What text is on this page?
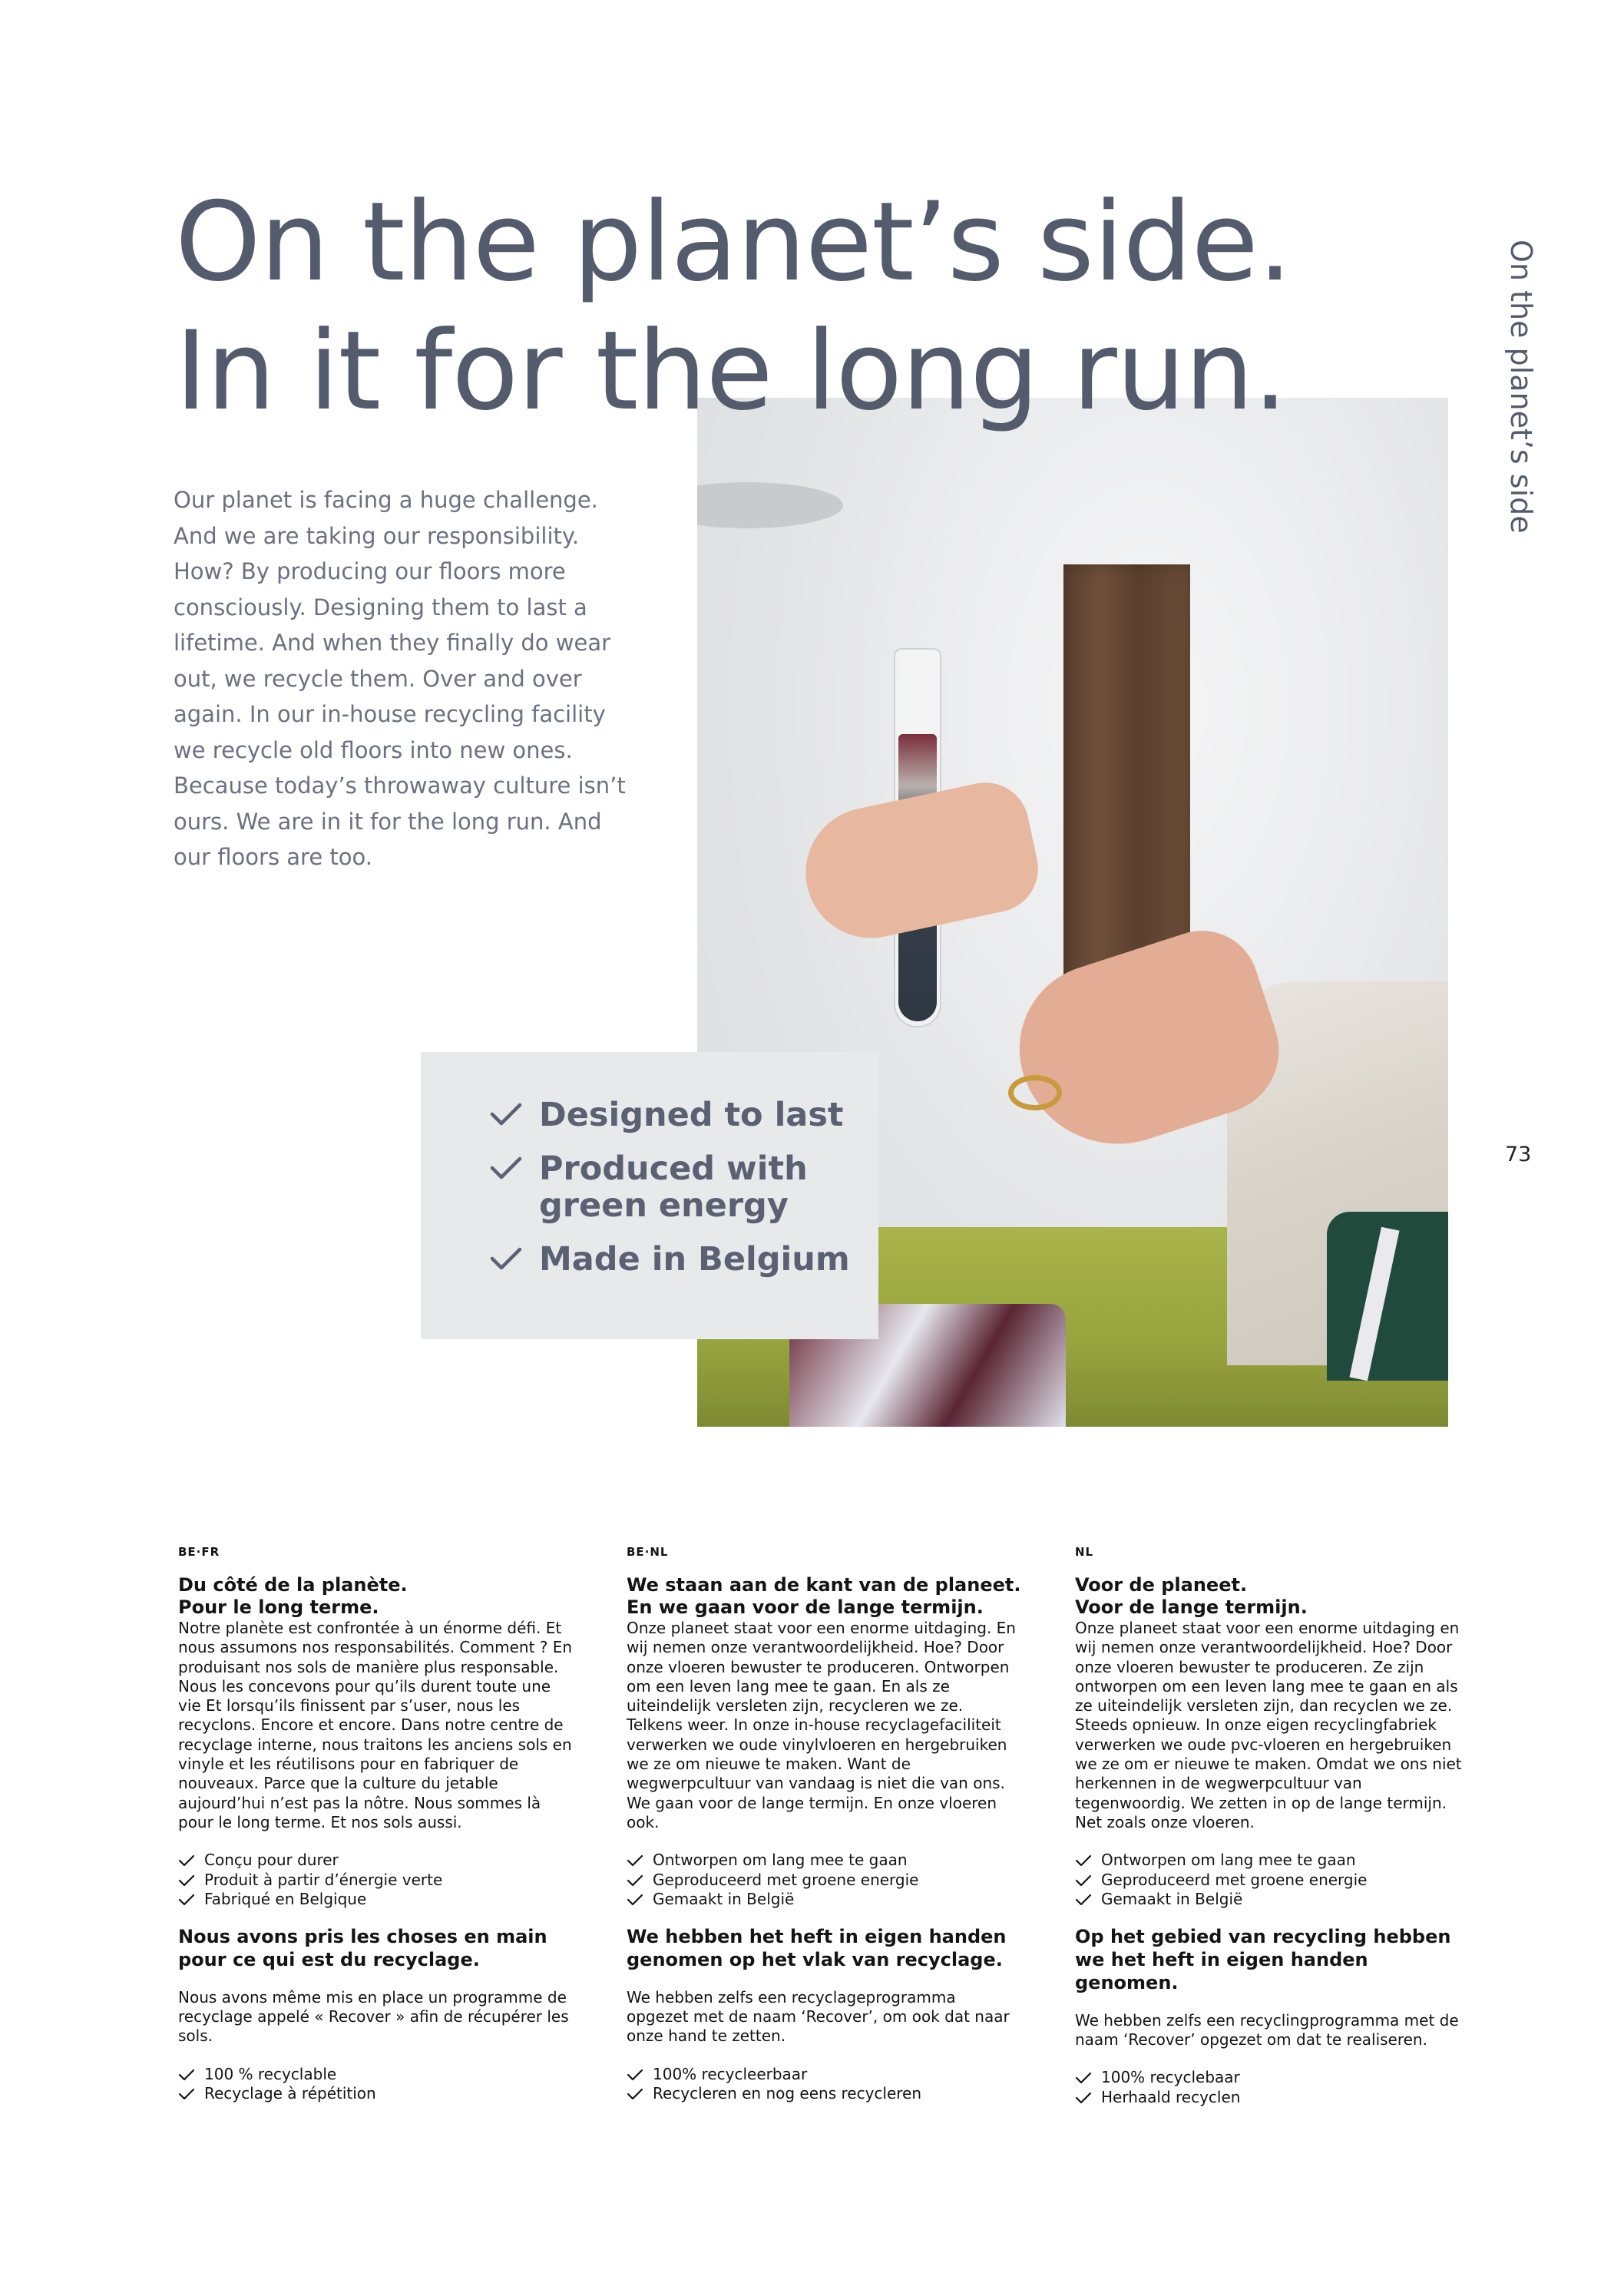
On the planet’s side.
In it for the long run.	On the planet’s side
73

Our planet is facing a huge challenge. And we are taking our responsibility. How? By producing our floors more consciously. Designing them to last a lifetime. And when they finally do wear out, we recycle them. Over and over again. In our in-house recycling facility we recycle old floors into new ones. Because today’s throwaway culture isn’t ours. We are in it for the long run. And our floors are too.

Designed to last
Produced with green energy
Made in Belgium
BE·FR
Du côté de la planète.
Pour le long terme.

Notre planète est confrontée à un énorme défi. Et nous assumons nos responsabilités. Comment ? En produisant nos sols de manière plus responsable. Nous les concevons pour qu’ils durent toute une vie Et lorsqu’ils finissent par s’user, nous les recyclons. Encore et encore. Dans notre centre de recyclage interne, nous traitons les anciens sols en vinyle et les réutilisons pour en fabriquer de nouveaux. Parce que la culture du jetable aujourd’hui n’est pas la nôtre. Nous sommes là pour le long terme. Et nos sols aussi.

Conçu pour durer
Produit à partir d’énergie verte
Fabriqué en Belgique
Nous avons pris les choses en main pour ce qui est du recyclage.

Nous avons même mis en place un programme de recyclage appelé « Recover » afin de récupérer les sols.

100 % recyclable
Recyclage à répétition
BE·NL
We staan aan de kant van de planeet.
En we gaan voor de lange termijn.

Onze planeet staat voor een enorme uitdaging. En wij nemen onze verantwoordelijkheid. Hoe? Door onze vloeren bewuster te produceren. Ontworpen om een leven lang mee te gaan. En als ze uiteindelijk versleten zijn, recycleren we ze. Telkens weer. In onze in-house recyclagefaciliteit verwerken we oude vinylvloeren en hergebruiken we ze om nieuwe te maken. Want de wegwerpcultuur van vandaag is niet die van ons. We gaan voor de lange termijn. En onze vloeren ook.

Ontworpen om lang mee te gaan
Geproduceerd met groene energie
Gemaakt in België
We hebben het heft in eigen handen genomen op het vlak van recyclage.

We hebben zelfs een recyclageprogramma opgezet met de naam ‘Recover’, om ook dat naar onze hand te zetten.

100% recycleerbaar
Recycleren en nog eens recycleren
NL
Voor de planeet.
Voor de lange termijn.

Onze planeet staat voor een enorme uitdaging en wij nemen onze verantwoordelijkheid. Hoe? Door onze vloeren bewuster te produceren. Ze zijn ontworpen om een leven lang mee te gaan en als ze uiteindelijk versleten zijn, dan recyclen we ze. Steeds opnieuw. In onze eigen recyclingfabriek verwerken we oude pvc-vloeren en hergebruiken we ze om er nieuwe te maken. Omdat we ons niet herkennen in de wegwerpcultuur van tegenwoordig. We zetten in op de lange termijn. Net zoals onze vloeren.

Ontworpen om lang mee te gaan
Geproduceerd met groene energie
Gemaakt in België
Op het gebied van recycling hebben we het heft in eigen handen genomen.

We hebben zelfs een recyclingprogramma met de naam ‘Recover’ opgezet om dat te realiseren.

100% recyclebaar
Herhaald recyclen
